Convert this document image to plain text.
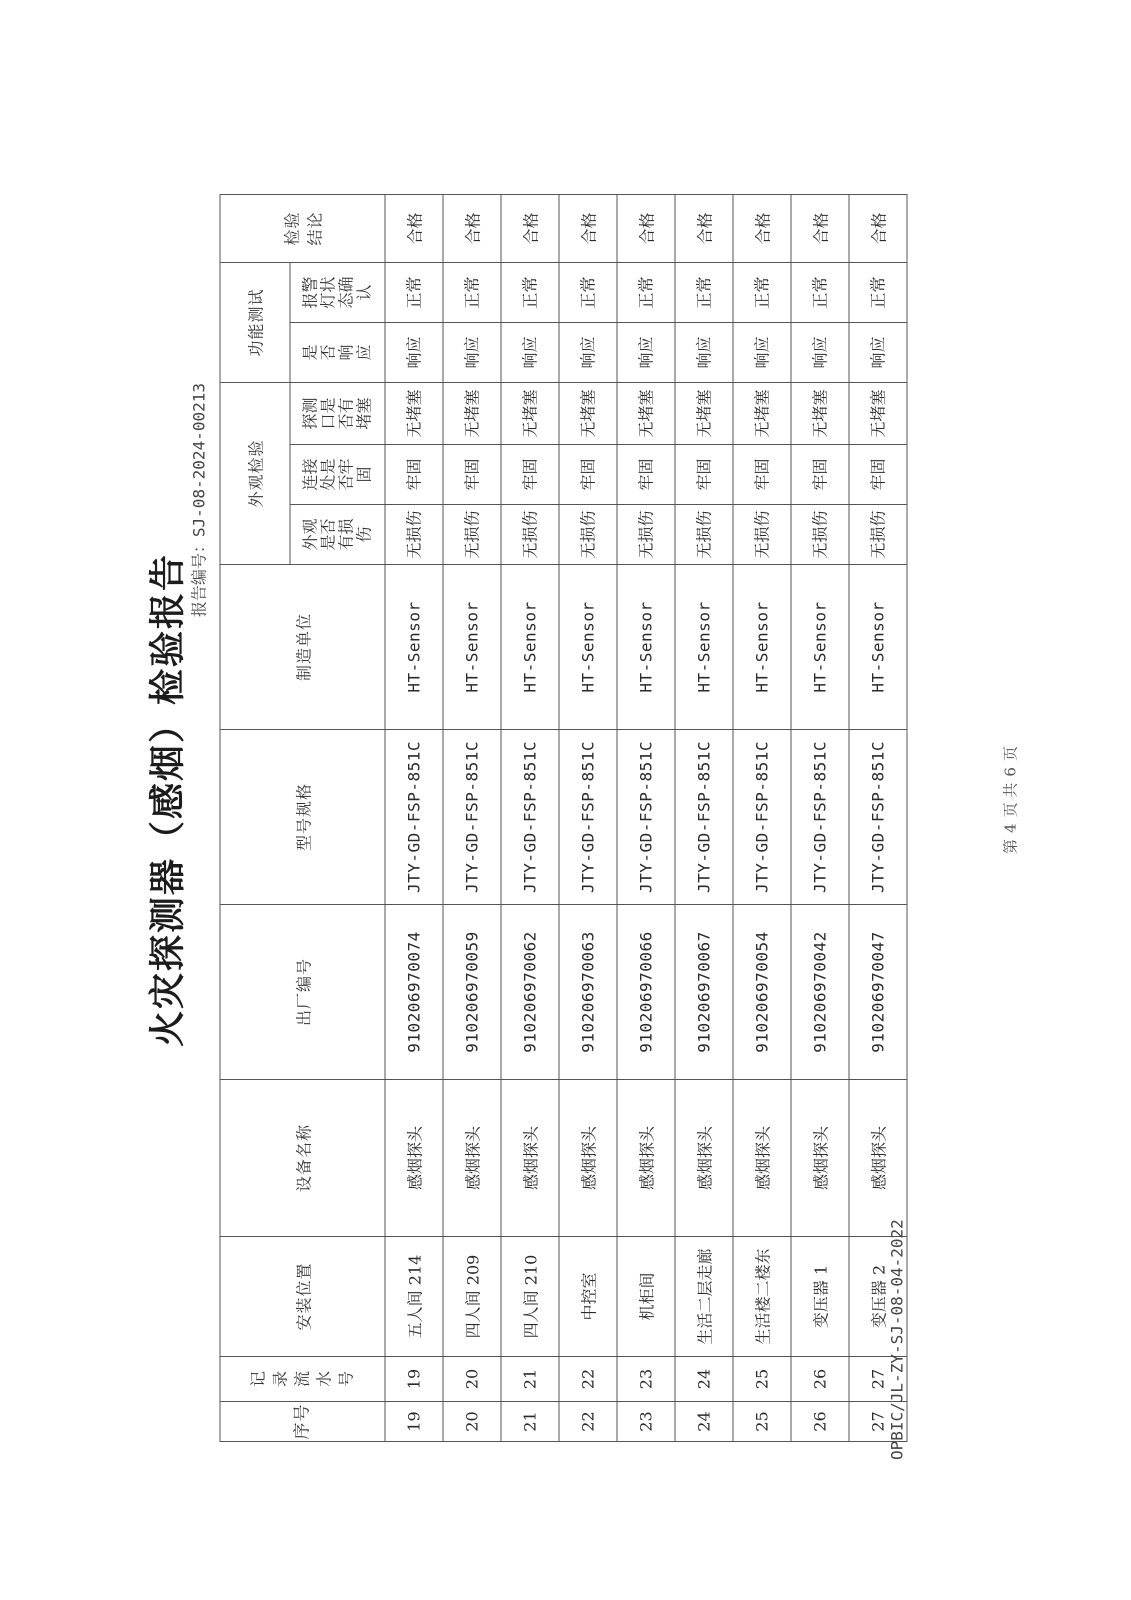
火灾探测器（感烟）检验报告 报告编号：SJ-08-2024-00213
序号	记录流水号	安装位置	设备名称	出厂编号	型号规格	制造单位	外观检验			功能测试		检验结论

							外观是否有损伤	连接处是否牢固	探测口是否有堵塞	是否响应	报警灯状态确认	

19	19	五人间 214	感烟探头	910206970074	JTY-GD-FSP-851C	HT-Sensor	无损伤	牢固	无堵塞	响应	正常	合格
20	20	四人间 209	感烟探头	910206970059	JTY-GD-FSP-851C	HT-Sensor	无损伤	牢固	无堵塞	响应	正常	合格
21	21	四人间 210	感烟探头	910206970062	JTY-GD-FSP-851C	HT-Sensor	无损伤	牢固	无堵塞	响应	正常	合格
22	22	中控室	感烟探头	910206970063	JTY-GD-FSP-851C	HT-Sensor	无损伤	牢固	无堵塞	响应	正常	合格
23	23	机柜间	感烟探头	910206970066	JTY-GD-FSP-851C	HT-Sensor	无损伤	牢固	无堵塞	响应	正常	合格
24	24	生活二层走廊	感烟探头	910206970067	JTY-GD-FSP-851C	HT-Sensor	无损伤	牢固	无堵塞	响应	正常	合格
25	25	生活楼二楼东	感烟探头	910206970054	JTY-GD-FSP-851C	HT-Sensor	无损伤	牢固	无堵塞	响应	正常	合格
26	26	变压器 1	感烟探头	910206970042	JTY-GD-FSP-851C	HT-Sensor	无损伤	牢固	无堵塞	响应	正常	合格
27	27	变压器 2	感烟探头	910206970047	JTY-GD-FSP-851C	HT-Sensor	无损伤	牢固	无堵塞	响应	正常	合格
OPBIC/JL-ZY-SJ-08-04-2022
第4页 共6页
